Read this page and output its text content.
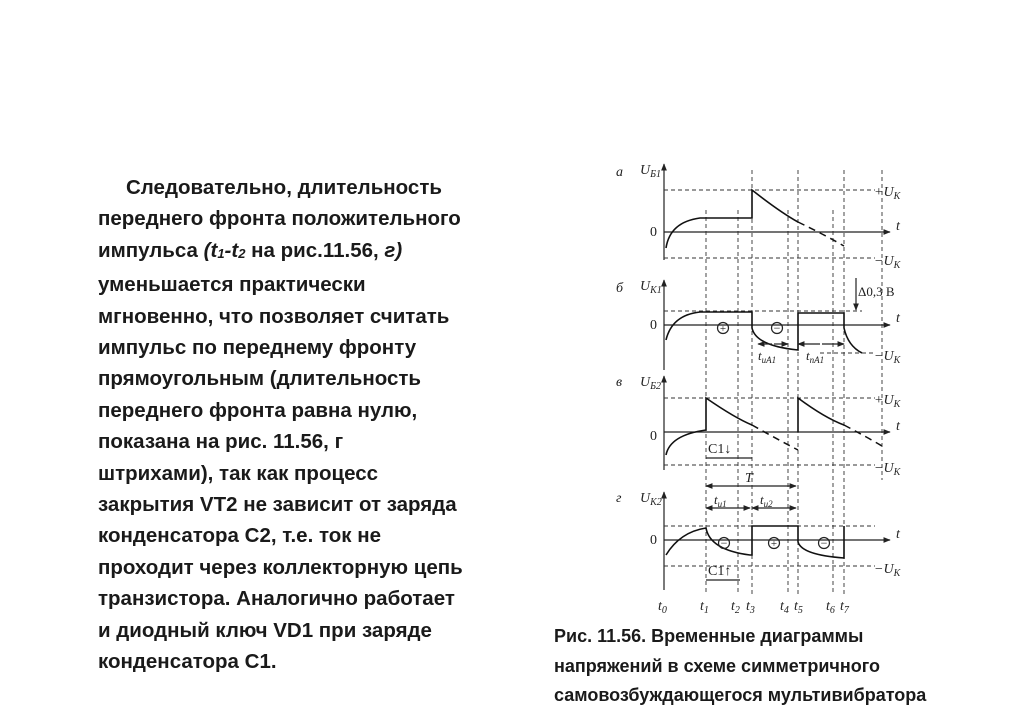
Следовательно, длительность
переднего фронта положительного
импульса (t1-t2 на рис.11.56, г)
уменьшается практически
мгновенно, что позволяет считать
импульс по переднему фронту
прямоугольным (длительность
переднего фронта равна нулю,
показана на рис. 11.56, г
штрихами), так как процесс
закрытия VT2 не зависит от заряда
конденсатора С2, т.е. ток не
проходит через коллекторную цепь
транзистора. Аналогично работает
и диодный ключ VD1 при заряде
конденсатора С1.
а $U_{Б1}$
0	t
$+U_К$
$-U_К$
б $U_{К1}$
0	t
Δ0,3 В
$-U_К$
+	−
$t_{иА1}$ $t_{пА1}$
в $U_{Б2}$
0
t
$+U_К$
$-U_К$
C1↓
T
$t_{и1}$	$t_{и2}$
г $U_{К2}$
0	t
$-U_К$
−	+	−
C1↑
$t_0$ $t_1$ $t_2$ $t_3$ $t_4$ $t_5$ $t_6$ $t_7$
Рис. 11.56. Временные диаграммы
напряжений в схеме симметричного
самовозбуждающегося мультивибратора
